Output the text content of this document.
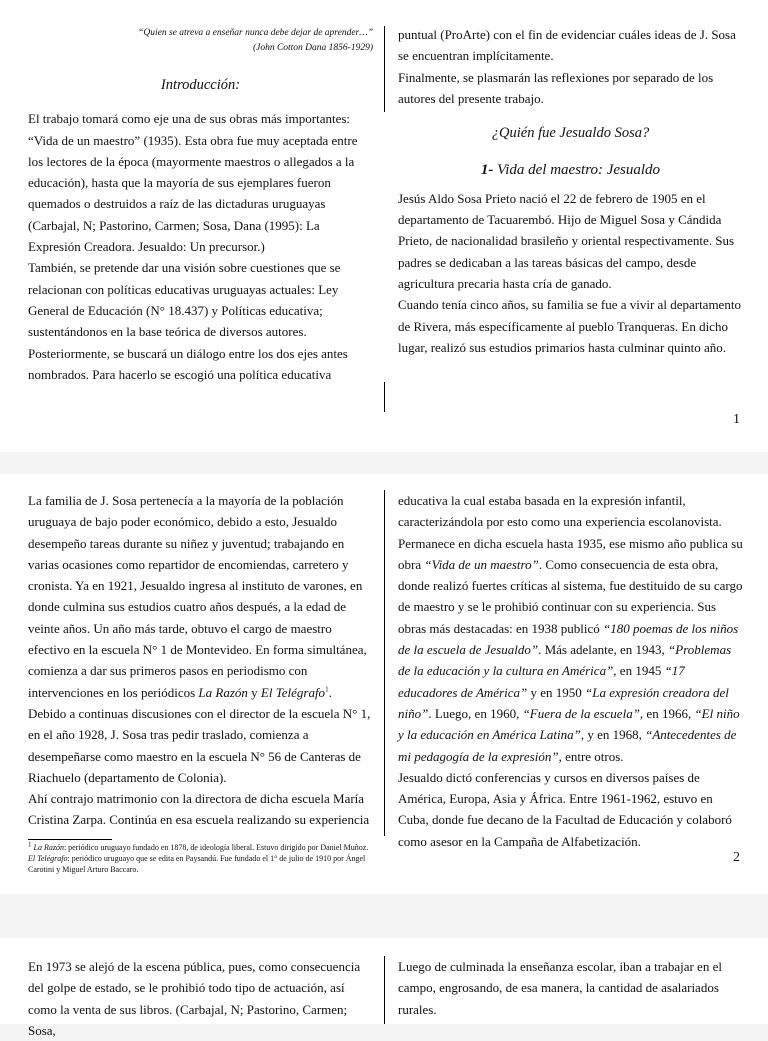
“Quien se atreva a enseñar nunca debe dejar de aprender…”

(John Cotton Dana 1856-1929)

Introducción:

El trabajo tomará como eje una de sus obras más importantes: “Vida de un maestro” (1935). Esta obra fue muy aceptada entre los lectores de la época (mayormente maestros o allegados a la educación), hasta que la mayoría de sus ejemplares fueron quemados o destruidos a raíz de las dictaduras uruguayas (Carbajal, N; Pastorino, Carmen; Sosa, Dana (1995): La Expresión Creadora. Jesualdo: Un precursor.)

También, se pretende dar una visión sobre cuestiones que se relacionan con políticas educativas uruguayas actuales: Ley General de Educación (N° 18.437) y Políticas educativa; sustentándonos en la base teórica de diversos autores. Posteriormente, se buscará un diálogo entre los dos ejes antes nombrados. Para hacerlo se escogió una política educativa

puntual (ProArte) con el fin de evidenciar cuáles ideas de J. Sosa se encuentran implícitamente.

Finalmente, se plasmarán las reflexiones por separado de los autores del presente trabajo.

¿Quién fue Jesualdo Sosa?
1- Vida del maestro: Jesualdo

Jesús Aldo Sosa Prieto nació el 22 de febrero de 1905 en el departamento de Tacuarembó. Hijo de Miguel Sosa y Cándida Prieto, de nacionalidad brasileño y oriental respectivamente. Sus padres se dedicaban a las tareas básicas del campo, desde agricultura precaria hasta cría de ganado.

Cuando tenía cinco años, su familia se fue a vivir al departamento de Rivera, más específicamente al pueblo Tranqueras. En dicho lugar, realizó sus estudios primarios hasta culminar quinto año.

1

La familia de J. Sosa pertenecía a la mayoría de la población uruguaya de bajo poder económico, debido a esto, Jesualdo desempeño tareas durante su niñez y juventud; trabajando en varias ocasiones como repartidor de encomiendas, carretero y cronista. Ya en 1921, Jesualdo ingresa al instituto de varones, en donde culmina sus estudios cuatro años después, a la edad de veinte años. Un año más tarde, obtuvo el cargo de maestro efectivo en la escuela N° 1 de Montevideo. En forma simultánea, comienza a dar sus primeros pasos en periodismo con intervenciones en los periódicos La Razón y El Telégrafo$^1$.

Debido a continuas discusiones con el director de la escuela N° 1, en el año 1928, J. Sosa tras pedir traslado, comienza a desempeñarse como maestro en la escuela N° 56 de Canteras de Riachuelo (departamento de Colonia).

Ahí contrajo matrimonio con la directora de dicha escuela María Cristina Zarpa. Continúa en esa escuela realizando su experiencia

$^1$ La Razón: periódico uruguayo fundado en 1878, de ideología liberal. Estuvo dirigido por Daniel Muñoz. El Telégrafo: periódico uruguayo que se edita en Paysandú. Fue fundado el 1° de julio de 1910 por Ángel Carotini y Miguel Arturo Baccaro.

educativa la cual estaba basada en la expresión infantil, caracterizándola por esto como una experiencia escolanovista. Permanece en dicha escuela hasta 1935, ese mismo año publica su obra “Vida de un maestro”. Como consecuencia de esta obra, donde realizó fuertes críticas al sistema, fue destituido de su cargo de maestro y se le prohibió continuar con su experiencia. Sus obras más destacadas: en 1938 publicó “180 poemas de los niños de la escuela de Jesualdo”. Más adelante, en 1943, “Problemas de la educación y la cultura en América”, en 1945 “17 educadores de América” y en 1950 “La expresión creadora del niño”. Luego, en 1960, “Fuera de la escuela”, en 1966, “El niño y la educación en América Latina”, y en 1968, “Antecedentes de mi pedagogía de la expresión”, entre otros.

Jesualdo dictó conferencias y cursos en diversos países de América, Europa, Asia y África. Entre 1961-1962, estuvo en Cuba, donde fue decano de la Facultad de Educación y colaboró como asesor en la Campaña de Alfabetización.

2

En 1973 se alejó de la escena pública, pues, como consecuencia del golpe de estado, se le prohibió todo tipo de actuación, así como la venta de sus libros. (Carbajal, N; Pastorino, Carmen; Sosa,

Luego de culminada la enseñanza escolar, iban a trabajar en el campo, engrosando, de esa manera, la cantidad de asalariados rurales.
